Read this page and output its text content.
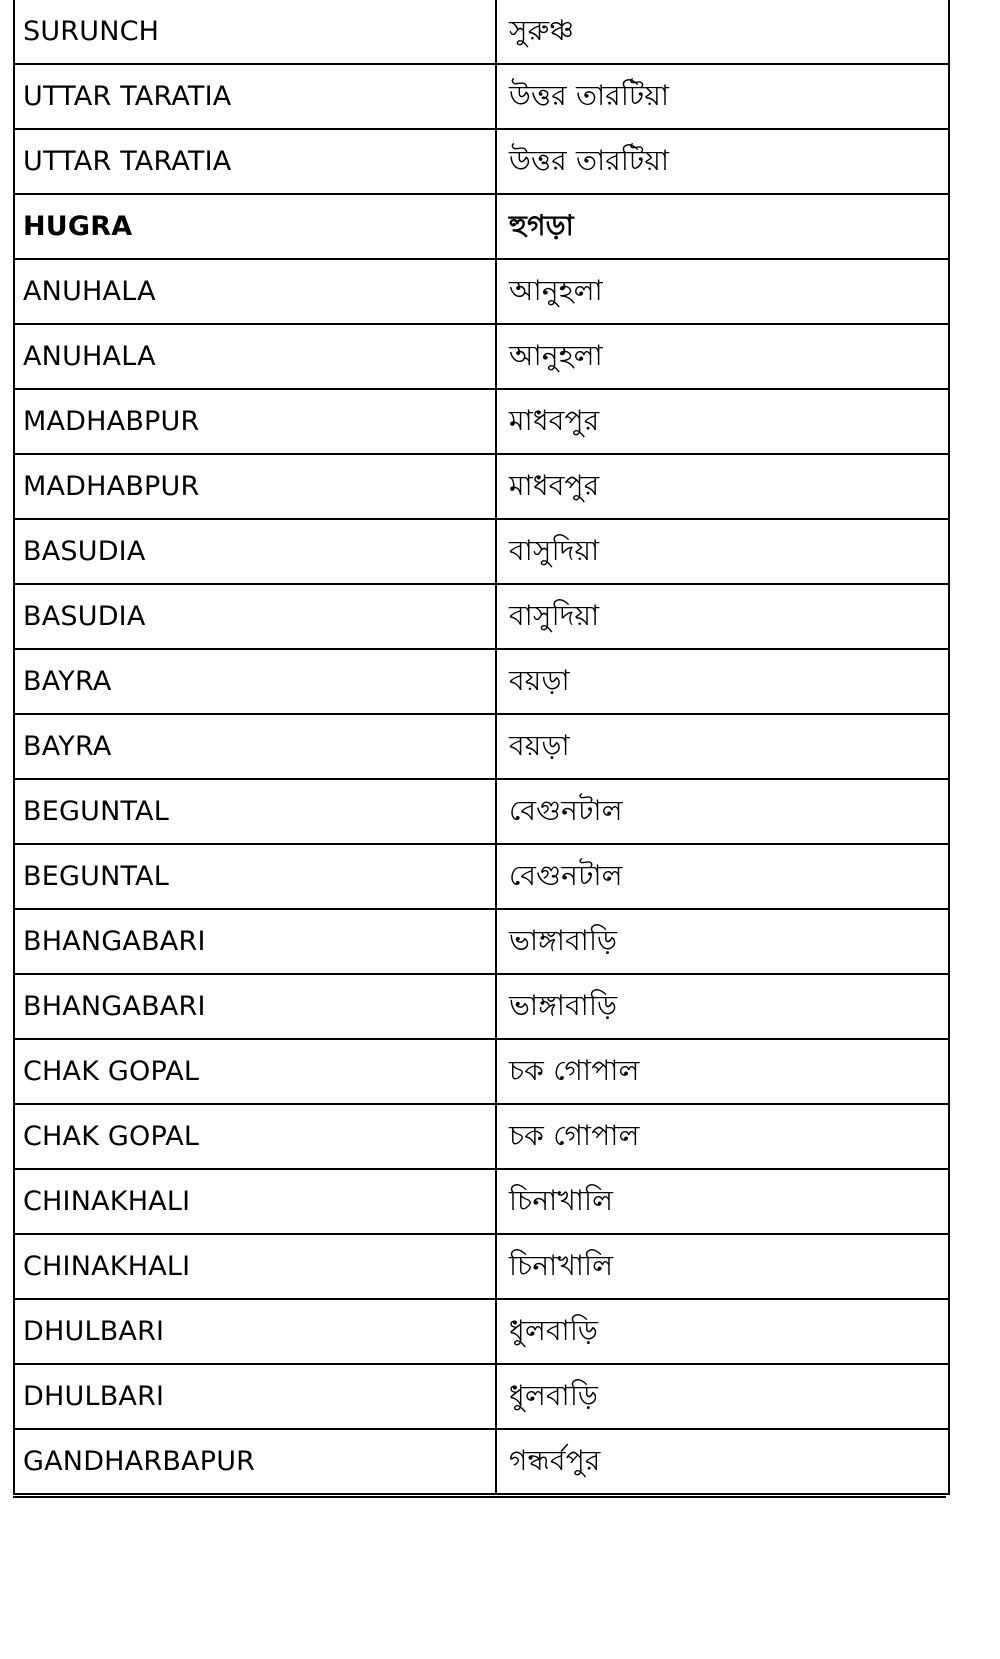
SURUNCH	সুরুঞ্চ
UTTAR TARATIA	উত্তর তারটিয়া
UTTAR TARATIA	উত্তর তারটিয়া
HUGRA	হুগড়া
ANUHALA	আনুহলা
ANUHALA	আনুহলা
MADHABPUR	মাধবপুর
MADHABPUR	মাধবপুর
BASUDIA	বাসুদিয়া
BASUDIA	বাসুদিয়া
BAYRA	বয়ড়া
BAYRA	বয়ড়া
BEGUNTAL	বেগুনটাল
BEGUNTAL	বেগুনটাল
BHANGABARI	ভাঙ্গাবাড়ি
BHANGABARI	ভাঙ্গাবাড়ি
CHAK GOPAL	চক গোপাল
CHAK GOPAL	চক গোপাল
CHINAKHALI	চিনাখালি
CHINAKHALI	চিনাখালি
DHULBARI	ধুলবাড়ি
DHULBARI	ধুলবাড়ি
GANDHARBAPUR	গন্ধর্বপুর
